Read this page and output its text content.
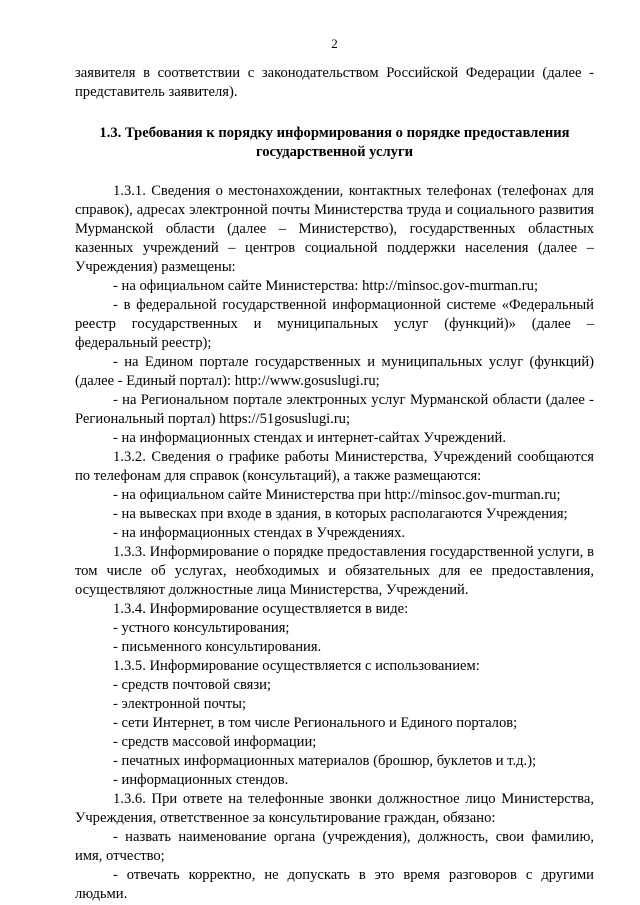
2

заявителя в соответствии с законодательством Российской Федерации (далее - представитель заявителя).

1.3. Требования к порядку информирования о порядке предоставления
государственной услуги

1.3.1. Сведения о местонахождении, контактных телефонах (телефонах для справок), адресах электронной почты Министерства труда и социального развития Мурманской области (далее – Министерство), государственных областных казенных учреждений – центров социальной поддержки населения (далее – Учреждения) размещены:

- на официальном сайте Министерства: http://minsoc.gov-murman.ru;

- в федеральной государственной информационной системе «Федеральный реестр государственных и муниципальных услуг (функций)» (далее – федеральный реестр);

- на Едином портале государственных и муниципальных услуг (функций) (далее - Единый портал): http://www.gosuslugi.ru;

- на Региональном портале электронных услуг Мурманской области (далее - Региональный портал) https://51gosuslugi.ru;

- на информационных стендах и интернет-сайтах Учреждений.

1.3.2. Сведения о графике работы Министерства, Учреждений сообщаются по телефонам для справок (консультаций), а также размещаются:

- на официальном сайте Министерства при http://minsoc.gov-murman.ru;

- на вывесках при входе в здания, в которых располагаются Учреждения;

- на информационных стендах в Учреждениях.

1.3.3. Информирование о порядке предоставления государственной услуги, в том числе об услугах, необходимых и обязательных для ее предоставления, осуществляют должностные лица Министерства, Учреждений.

1.3.4. Информирование осуществляется в виде:

- устного консультирования;

- письменного консультирования.

1.3.5. Информирование осуществляется с использованием:

- средств почтовой связи;

- электронной почты;

- сети Интернет, в том числе Регионального и Единого порталов;

- средств массовой информации;

- печатных информационных материалов (брошюр, буклетов и т.д.);

- информационных стендов.

1.3.6. При ответе на телефонные звонки должностное лицо Министерства, Учреждения, ответственное за консультирование граждан, обязано:

- назвать наименование органа (учреждения), должность, свои фамилию, имя, отчество;

- отвечать корректно, не допускать в это время разговоров с другими людьми.
